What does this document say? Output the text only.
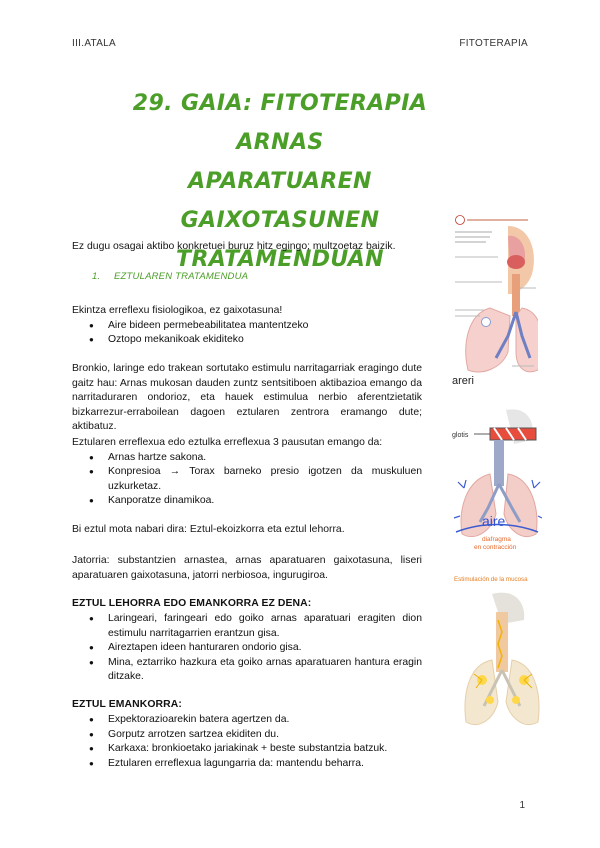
III.ATALA	FITOTERAPIA
29. GAIA: FITOTERAPIA ARNAS
APARATUAREN GAIXOTASUNEN
TRATAMENDUAN
Ez dugu osagai aktibo konkretuei buruz hitz egingo; multzoetaz baizik.
1. EZTULAREN TRATAMENDUA
Ekintza erreflexu fisiologikoa, ez gaixotasuna!
● Aire bideen permebeabilitatea mantentzeko
● Oztopo mekanikoak ekiditeko
Bronkio, laringe edo trakean sortutako estimulu narritagarriak eragingo dute gaitz hau: Arnas mukosan dauden zuntz sentsitiboen aktibazioa emango da narritaduraren ondorioz, eta hauek estimulua nerbio aferentzietatik bizkarrezur-erraboilean dagoen eztularen zentrora eramango dute; aktibatuz.
Eztularen erreflexua edo eztulka erreflexua 3 pausutan emango da:
● Arnas hartze sakona.
● Konpresioa → Torax barneko presio igotzen da muskuluen uzkurketaz.
● Kanporatze dinamikoa.
Bi eztul mota nabari dira: Eztul-ekoizkorra eta eztul lehorra.
Jatorria: substantzien arnastea, arnas aparatuaren gaixotasuna, liseri aparatuaren gaixotasuna, jatorri nerbiosoa, ingurugiroa.
EZTUL LEHORRA EDO EMANKORRA EZ DENA:
● Laringeari, faringeari edo goiko arnas aparatuari eragiten dion estimulu narritagarrien erantzun gisa.
● Aireztapen ideen hanturaren ondorio gisa.
● Mina, eztarriko hazkura eta goiko arnas aparatuaren hantura eragin ditzake.
EZTUL EMANKORRA:
● Expektorazioarekin batera agertzen da.
● Gorputz arrotzen sartzea ekiditen du.
● Karkaxa: bronkioetako jariakinak + beste substantzia batzuk.
● Eztularen erreflexua lagungarria da: mantendu beharra.
1
areri
glotis
aire
diafragma
en contracción
Estimulación de la mucosa
